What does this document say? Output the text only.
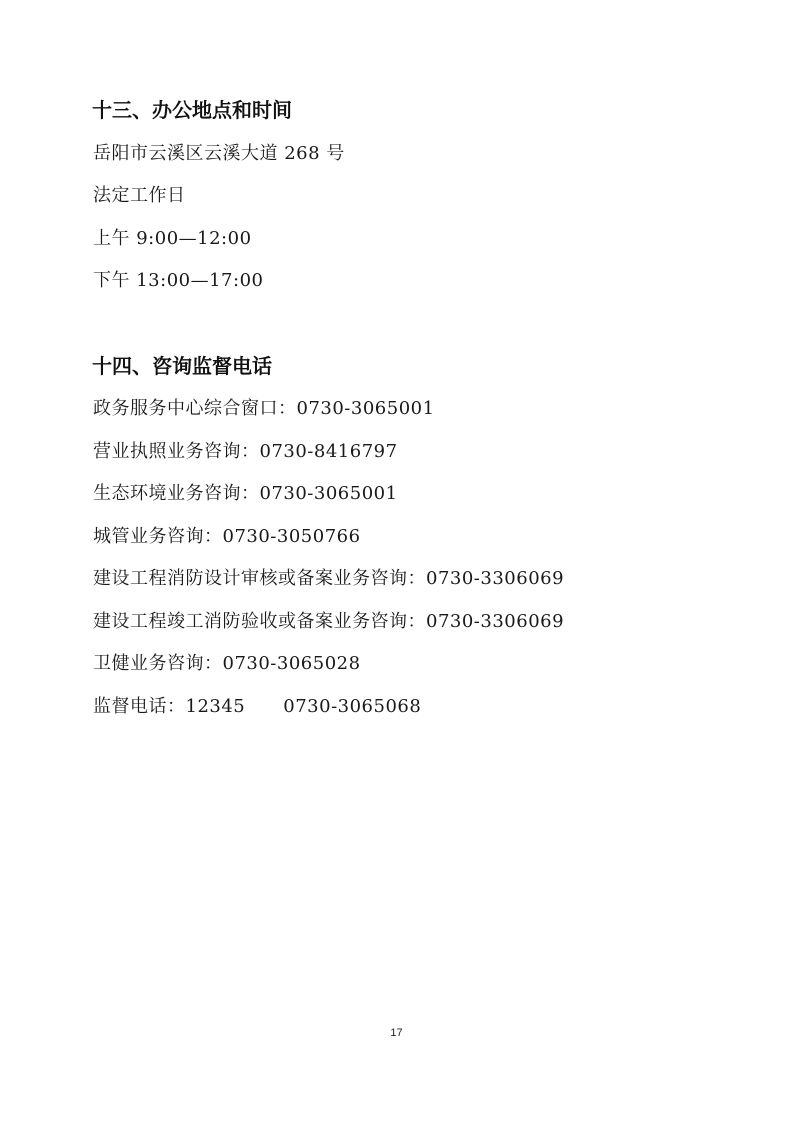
十三、办公地点和时间

岳阳市云溪区云溪大道 268 号

法定工作日

上午 9:00—12:00

下午 13:00—17:00

十四、咨询监督电话

政务服务中心综合窗口：0730-3065001

营业执照业务咨询：0730-8416797

生态环境业务咨询：0730-3065001

城管业务咨询：0730-3050766

建设工程消防设计审核或备案业务咨询：0730-3306069

建设工程竣工消防验收或备案业务咨询：0730-3306069

卫健业务咨询：0730-3065028

监督电话：12345 0730-3065068

17
